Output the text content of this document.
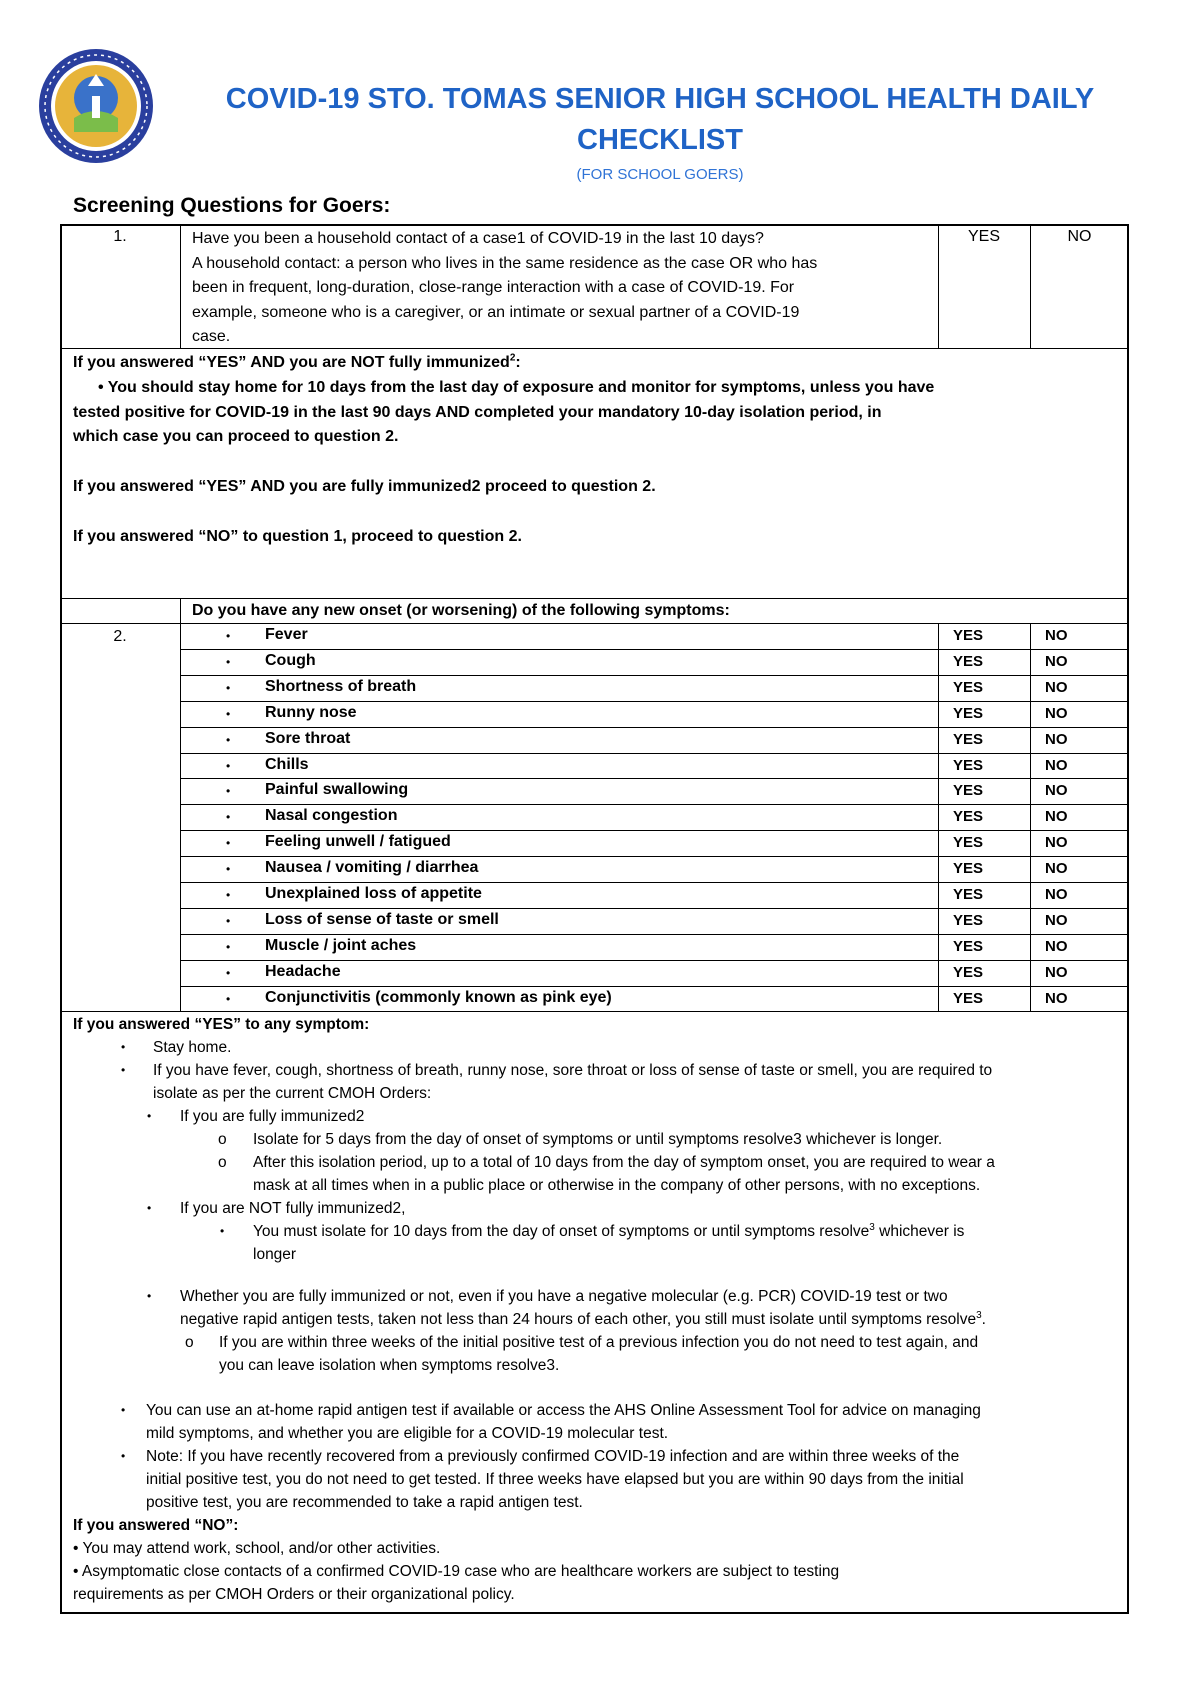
COVID-19 STO. TOMAS SENIOR HIGH SCHOOL HEALTH DAILY
CHECKLIST
(FOR SCHOOL GOERS)
Screening Questions for Goers:
1.	Have you been a household contact of a case1 of COVID-19 in the last 10 days?
A household contact: a person who lives in the same residence as the case OR who has
been in frequent, long-duration, close-range interaction with a case of COVID-19. For
example, someone who is a caregiver, or an intimate or sexual partner of a COVID-19
case.
YES	NO
If you answered “YES” AND you are NOT fully immunized$^2$:
• You should stay home for 10 days from the last day of exposure and monitor for symptoms, unless you have
tested positive for COVID-19 in the last 90 days AND completed your mandatory 10-day isolation period, in
which case you can proceed to question 2.
If you answered “YES” AND you are fully immunized2 proceed to question 2.
If you answered “NO” to question 1, proceed to question 2.
Do you have any new onset (or worsening) of the following symptoms:
2.	• Fever	YES	NO
• Cough	YES	NO
• Shortness of breath	YES	NO
• Runny nose	YES	NO
• Sore throat	YES	NO
• Chills	YES	NO
• Painful swallowing	YES	NO
• Nasal congestion	YES	NO
• Feeling unwell / fatigued	YES	NO
• Nausea / vomiting / diarrhea	YES	NO
• Unexplained loss of appetite	YES	NO
• Loss of sense of taste or smell	YES	NO
• Muscle / joint aches	YES	NO
• Headache	YES	NO
• Conjunctivitis (commonly known as pink eye)	YES	NO
If you answered “YES” to any symptom:
• Stay home.
• If you have fever, cough, shortness of breath, runny nose, sore throat or loss of sense of taste or smell, you are required to
isolate as per the current CMOH Orders:
• If you are fully immunized2
o Isolate for 5 days from the day of onset of symptoms or until symptoms resolve3 whichever is longer.
o After this isolation period, up to a total of 10 days from the day of symptom onset, you are required to wear a
mask at all times when in a public place or otherwise in the company of other persons, with no exceptions.
• If you are NOT fully immunized2,
• You must isolate for 10 days from the day of onset of symptoms or until symptoms resolve$^3$ whichever is
longer
• Whether you are fully immunized or not, even if you have a negative molecular (e.g. PCR) COVID-19 test or two
negative rapid antigen tests, taken not less than 24 hours of each other, you still must isolate until symptoms resolve$^3$.
o If you are within three weeks of the initial positive test of a previous infection you do not need to test again, and
you can leave isolation when symptoms resolve3.
• You can use an at-home rapid antigen test if available or access the AHS Online Assessment Tool for advice on managing
mild symptoms, and whether you are eligible for a COVID-19 molecular test.
• Note: If you have recently recovered from a previously confirmed COVID-19 infection and are within three weeks of the
initial positive test, you do not need to get tested. If three weeks have elapsed but you are within 90 days from the initial
positive test, you are recommended to take a rapid antigen test.
If you answered “NO”:
• You may attend work, school, and/or other activities.
• Asymptomatic close contacts of a confirmed COVID-19 case who are healthcare workers are subject to testing
requirements as per CMOH Orders or their organizational policy.
